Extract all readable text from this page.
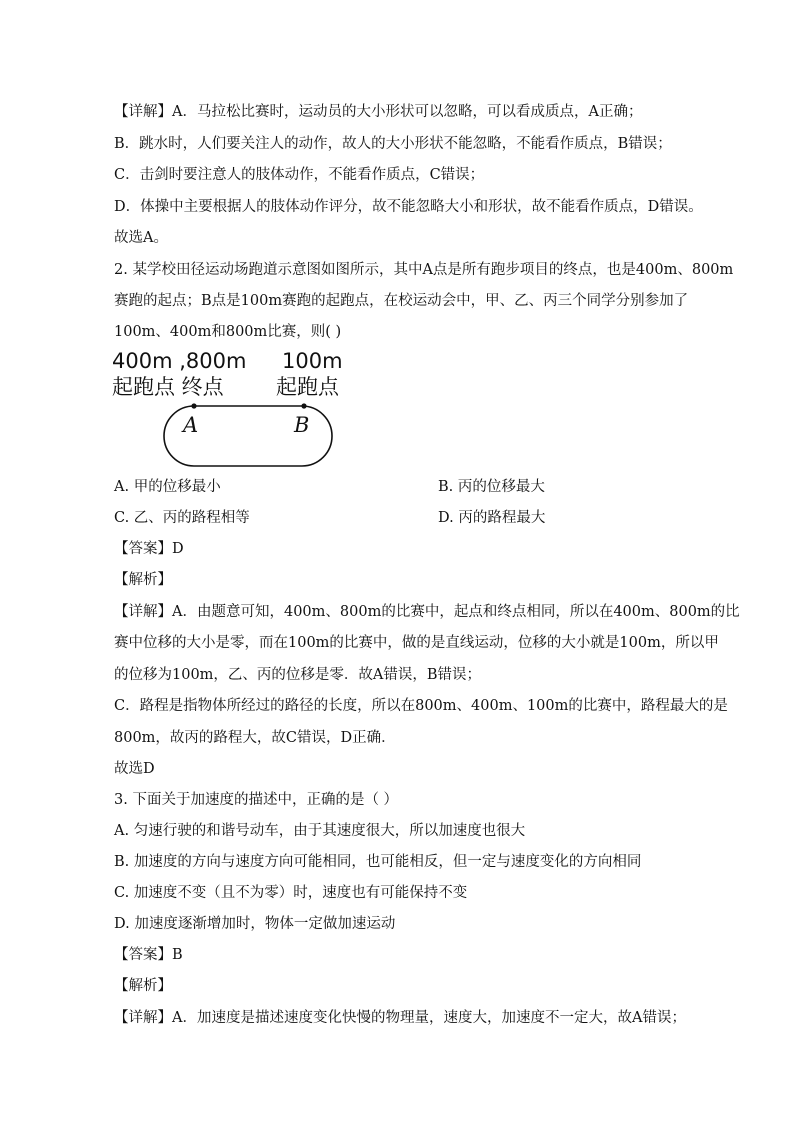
【详解】A．马拉松比赛时，运动员的大小形状可以忽略，可以看成质点，A正确；
B．跳水时，人们要关注人的动作，故人的大小形状不能忽略，不能看作质点，B错误；
C．击剑时要注意人的肢体动作，不能看作质点，C错误；
D．体操中主要根据人的肢体动作评分，故不能忽略大小和形状，故不能看作质点，D错误。
故选A。
2. 某学校田径运动场跑道示意图如图所示，其中A点是所有跑步项目的终点，也是400m、800m
赛跑的起点；B点是100m赛跑的起跑点，在校运动会中，甲、乙、丙三个同学分别参加了
100m、400m和800m比赛，则( )
400m ,800m
起跑点 终点
100m
起跑点
A	B
A. 甲的位移最小	B. 丙的位移最大
C. 乙、丙的路程相等	D. 丙的路程最大
【答案】D
【解析】
【详解】A．由题意可知，400m、800m的比赛中，起点和终点相同，所以在400m、800m的比
赛中位移的大小是零，而在100m的比赛中，做的是直线运动，位移的大小就是100m，所以甲
的位移为100m，乙、丙的位移是零．故A错误，B错误；
C．路程是指物体所经过的路径的长度，所以在800m、400m、100m的比赛中，路程最大的是
800m，故丙的路程大，故C错误，D正确．
故选D
3. 下面关于加速度的描述中，正确的是（ ）
A. 匀速行驶的和谐号动车，由于其速度很大，所以加速度也很大
B. 加速度的方向与速度方向可能相同，也可能相反，但一定与速度变化的方向相同
C. 加速度不变（且不为零）时，速度也有可能保持不变
D. 加速度逐渐增加时，物体一定做加速运动
【答案】B
【解析】
【详解】A．加速度是描述速度变化快慢的物理量，速度大，加速度不一定大，故A错误；
